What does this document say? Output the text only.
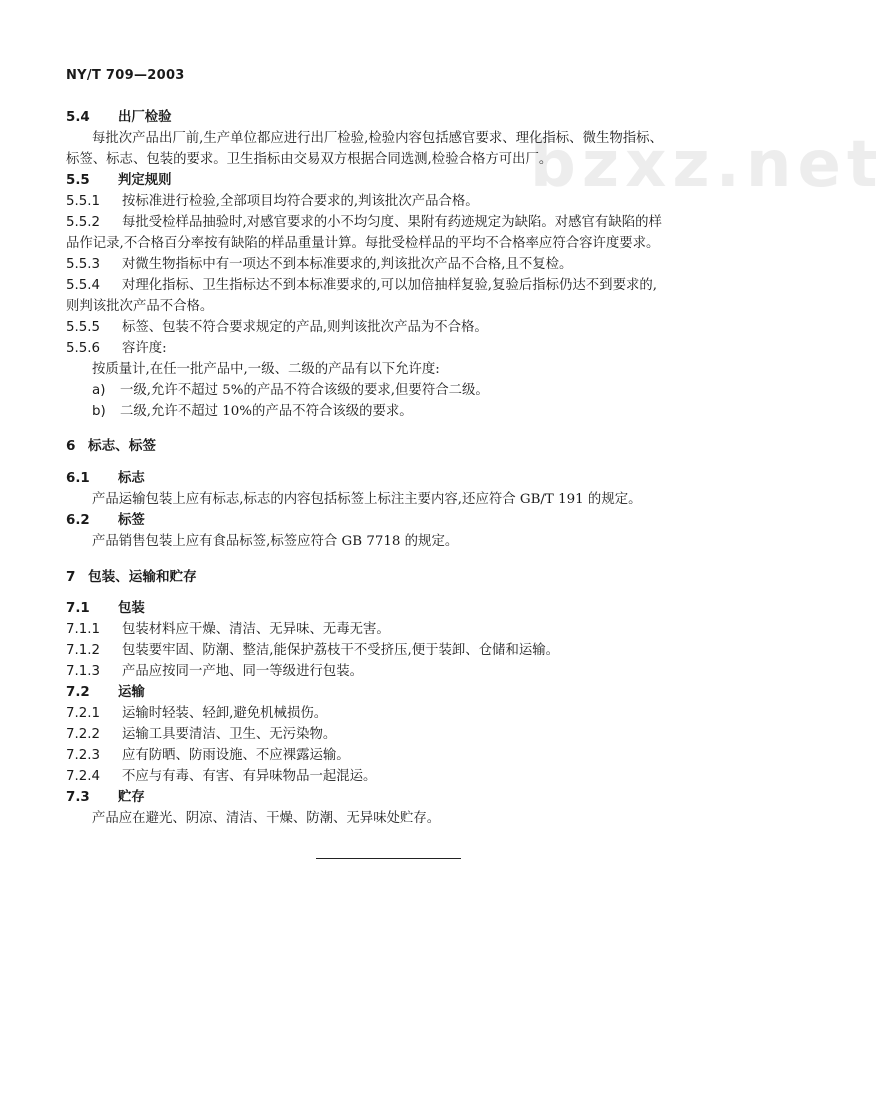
bzxz.net
NY/T 709—2003
5.4 出厂检验
每批次产品出厂前,生产单位都应进行出厂检验,检验内容包括感官要求、理化指标、微生物指标、
标签、标志、包装的要求。卫生指标由交易双方根据合同选测,检验合格方可出厂。
5.5 判定规则
5.5.1 按标准进行检验,全部项目均符合要求的,判该批次产品合格。
5.5.2 每批受检样品抽验时,对感官要求的小不均匀度、果附有药迹规定为缺陷。对感官有缺陷的样
品作记录,不合格百分率按有缺陷的样品重量计算。每批受检样品的平均不合格率应符合容许度要求。
5.5.3 对微生物指标中有一项达不到本标准要求的,判该批次产品不合格,且不复检。
5.5.4 对理化指标、卫生指标达不到本标准要求的,可以加倍抽样复验,复验后指标仍达不到要求的,
则判该批次产品不合格。
5.5.5 标签、包装不符合要求规定的产品,则判该批次产品为不合格。
5.5.6 容许度:
按质量计,在任一批产品中,一级、二级的产品有以下允许度:
a) 一级,允许不超过 5%的产品不符合该级的要求,但要符合二级。
b) 二级,允许不超过 10%的产品不符合该级的要求。
6 标志、标签
6.1 标志
产品运输包装上应有标志,标志的内容包括标签上标注主要内容,还应符合 GB/T 191 的规定。
6.2 标签
产品销售包装上应有食品标签,标签应符合 GB 7718 的规定。
7 包装、运输和贮存
7.1 包装
7.1.1 包装材料应干燥、清洁、无异味、无毒无害。
7.1.2 包装要牢固、防潮、整洁,能保护荔枝干不受挤压,便于装卸、仓储和运输。
7.1.3 产品应按同一产地、同一等级进行包装。
7.2 运输
7.2.1 运输时轻装、轻卸,避免机械损伤。
7.2.2 运输工具要清洁、卫生、无污染物。
7.2.3 应有防晒、防雨设施、不应裸露运输。
7.2.4 不应与有毒、有害、有异味物品一起混运。
7.3 贮存
产品应在避光、阴凉、清洁、干燥、防潮、无异味处贮存。
